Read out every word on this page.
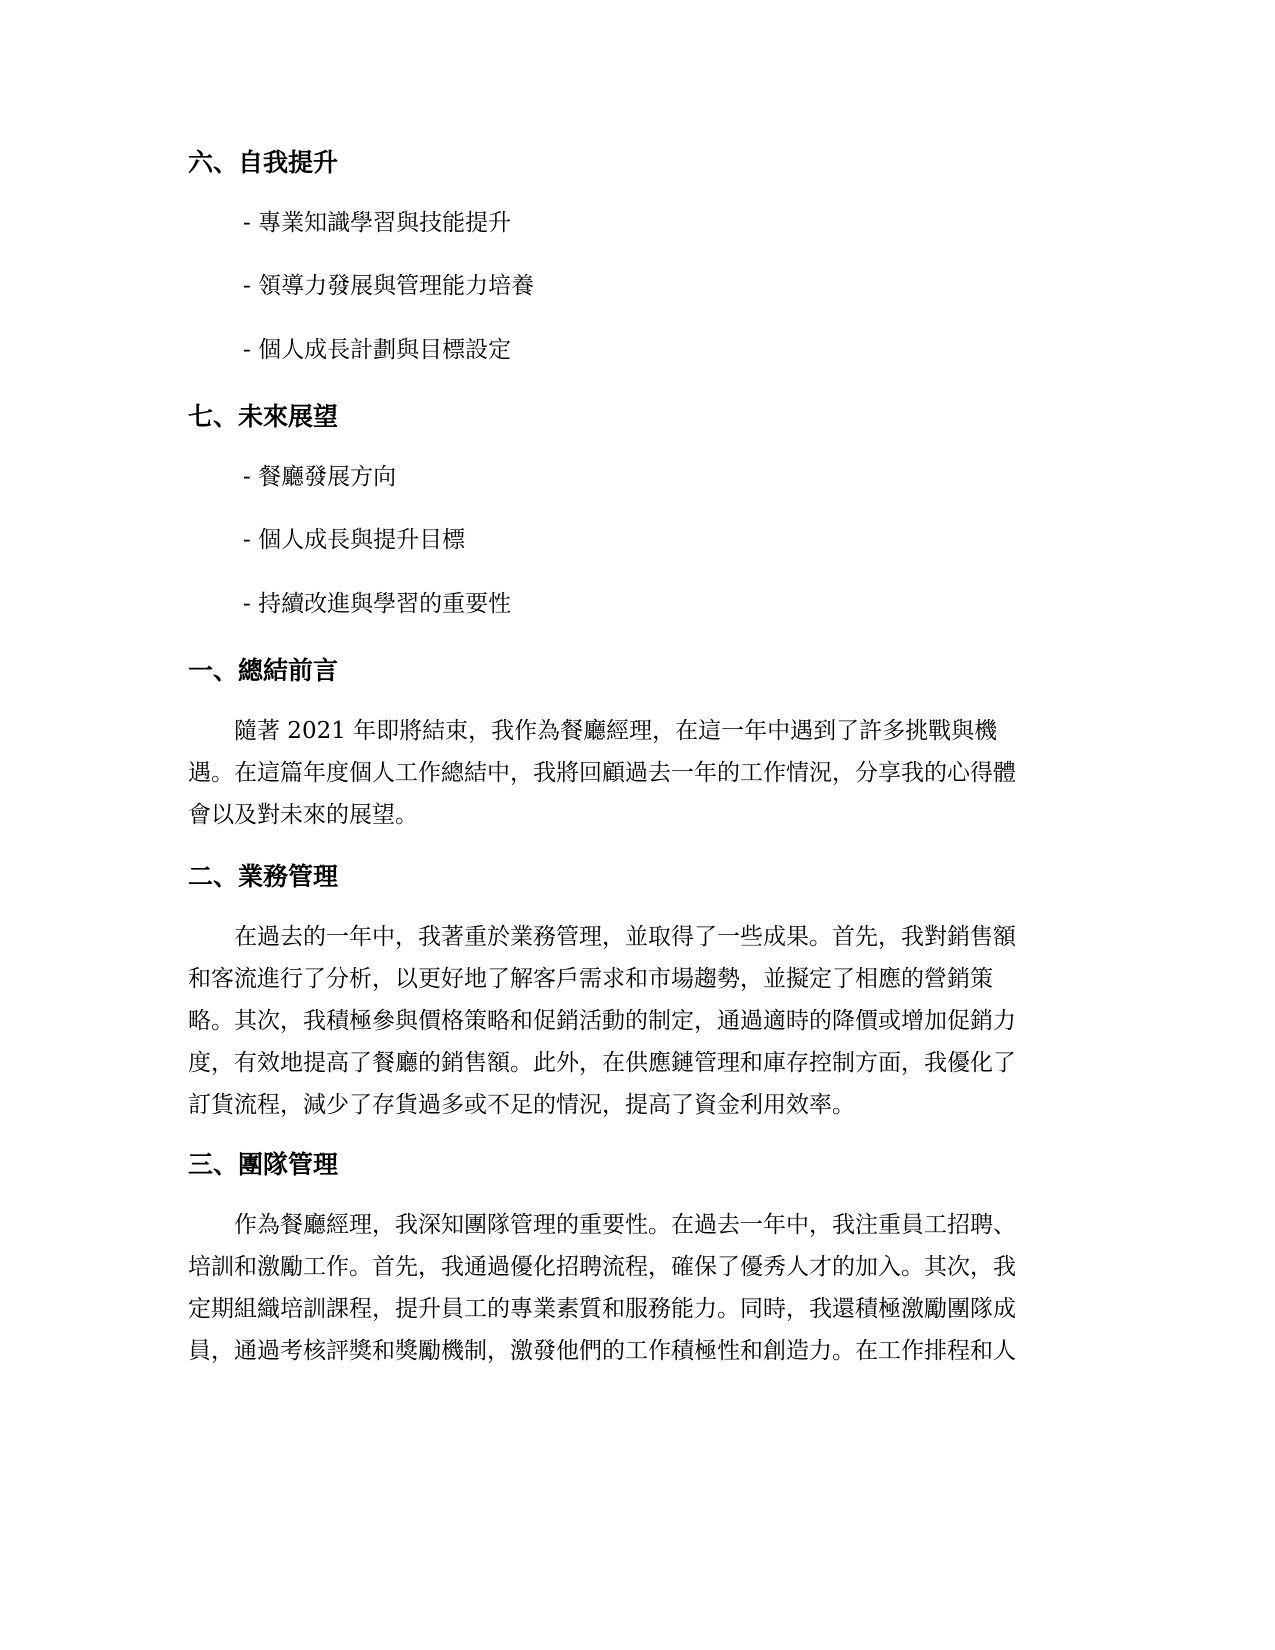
六、自我提升

- 專業知識學習與技能提升

- 領導力發展與管理能力培養

- 個人成長計劃與目標設定

七、未來展望

- 餐廳發展方向

- 個人成長與提升目標

- 持續改進與學習的重要性

一、總結前言

隨著 2021 年即將結束，我作為餐廳經理，在這一年中遇到了許多挑戰與機
遇。在這篇年度個人工作總結中，我將回顧過去一年的工作情況，分享我的心得體
會以及對未來的展望。

二、業務管理

在過去的一年中，我著重於業務管理，並取得了一些成果。首先，我對銷售額
和客流進行了分析，以更好地了解客戶需求和市場趨勢，並擬定了相應的營銷策
略。其次，我積極參與價格策略和促銷活動的制定，通過適時的降價或增加促銷力
度，有效地提高了餐廳的銷售額。此外，在供應鏈管理和庫存控制方面，我優化了
訂貨流程，減少了存貨過多或不足的情況，提高了資金利用效率。

三、團隊管理

作為餐廳經理，我深知團隊管理的重要性。在過去一年中，我注重員工招聘、
培訓和激勵工作。首先，我通過優化招聘流程，確保了優秀人才的加入。其次，我
定期組織培訓課程，提升員工的專業素質和服務能力。同時，我還積極激勵團隊成
員，通過考核評獎和獎勵機制，激發他們的工作積極性和創造力。在工作排程和人
